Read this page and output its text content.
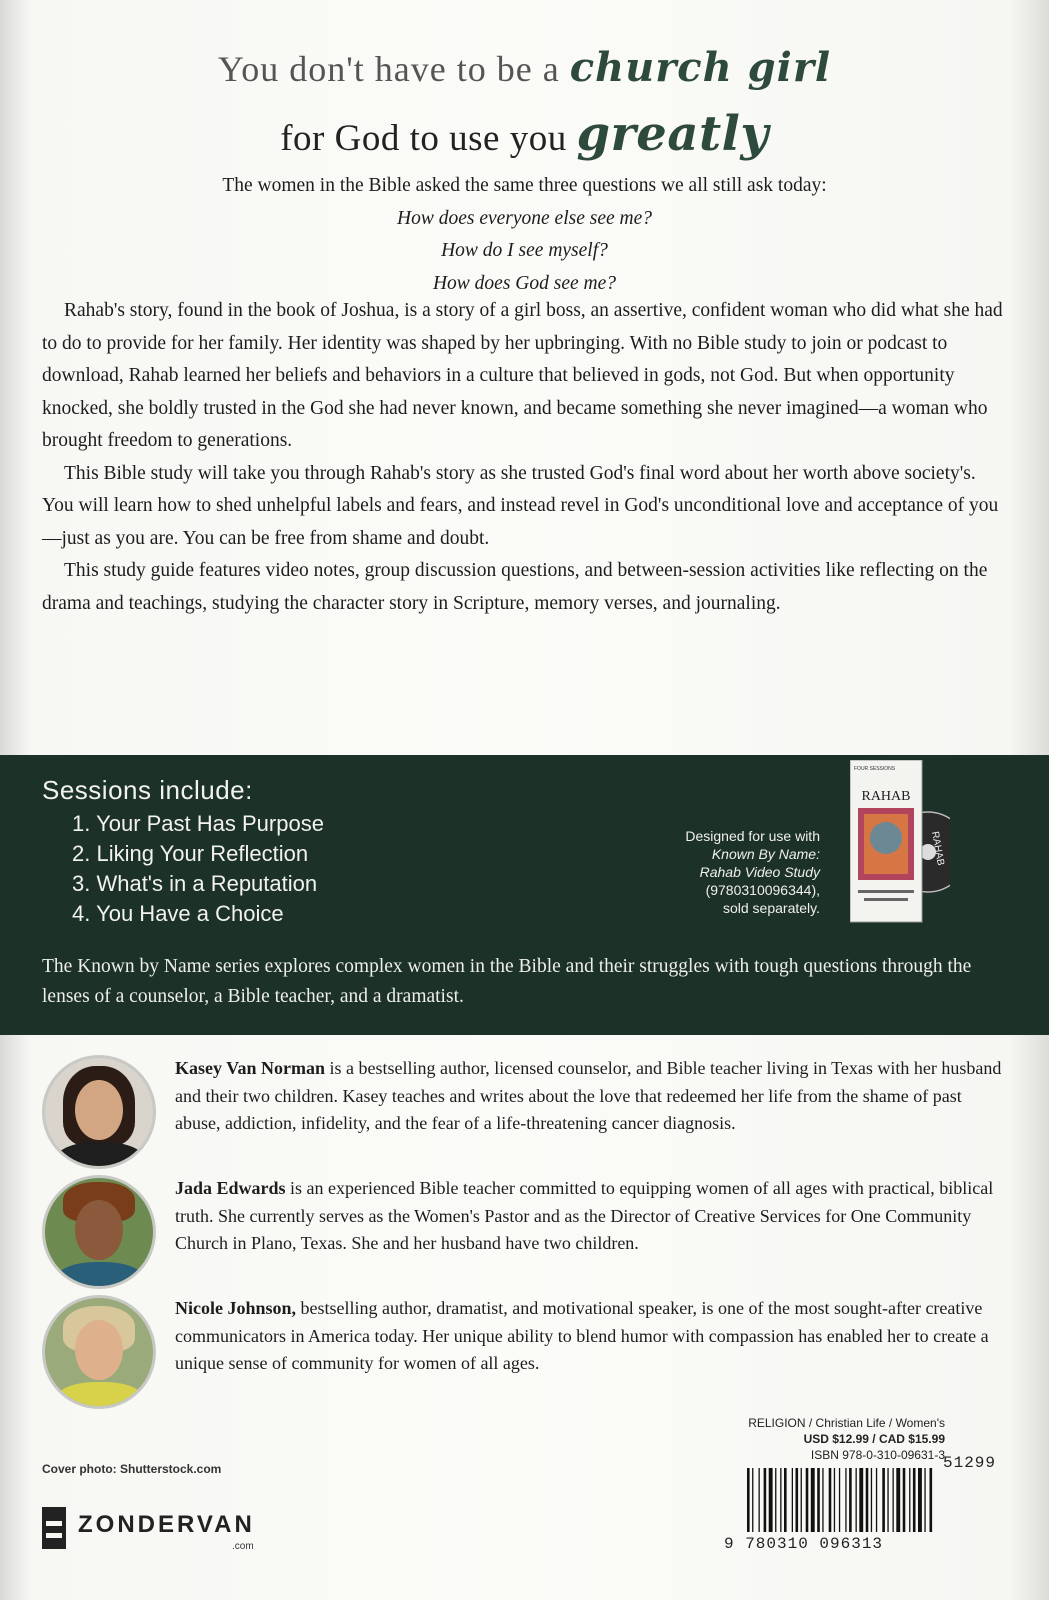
You don't have to be a church girl
for God to use you greatly

The women in the Bible asked the same three questions we all still ask today:

How does everyone else see me?

How do I see myself?

How does God see me?

Rahab's story, found in the book of Joshua, is a story of a girl boss, an assertive, confident woman who did what she had to do to provide for her family. Her identity was shaped by her upbringing. With no Bible study to join or podcast to download, Rahab learned her beliefs and behaviors in a culture that believed in gods, not God. But when opportunity knocked, she boldly trusted in the God she had never known, and became something she never imagined—a woman who brought freedom to generations.

This Bible study will take you through Rahab's story as she trusted God's final word about her worth above society's. You will learn how to shed unhelpful labels and fears, and instead revel in God's unconditional love and acceptance of you—just as you are. You can be free from shame and doubt.

This study guide features video notes, group discussion questions, and between-session activities like reflecting on the drama and teachings, studying the character story in Scripture, memory verses, and journaling.

Sessions include:
1. Your Past Has Purpose
2. Liking Your Reflection
3. What's in a Reputation
4. You Have a Choice
Designed for use with
Known By Name:
Rahab Video Study
(9780310096344),
sold separately.
RAHAB
FOUR SESSIONS
RAHAB
The Known by Name series explores complex women in the Bible and their struggles with tough questions through the lenses of a counselor, a Bible teacher, and a dramatist.
Kasey Van Norman is a bestselling author, licensed counselor, and Bible teacher living in Texas with her husband and their two children. Kasey teaches and writes about the love that redeemed her life from the shame of past abuse, addiction, infidelity, and the fear of a life-threatening cancer diagnosis.
Jada Edwards is an experienced Bible teacher committed to equipping women of all ages with practical, biblical truth. She currently serves as the Women's Pastor and as the Director of Creative Services for One Community Church in Plano, Texas. She and her husband have two children.
Nicole Johnson, bestselling author, dramatist, and motivational speaker, is one of the most sought-after creative communicators in America today. Her unique ability to blend humor with compassion has enabled her to create a unique sense of community for women of all ages.
Cover photo: Shutterstock.com
ZONDERVAN
.com
RELIGION / Christian Life / Women's
USD $12.99 / CAD $15.99
ISBN 978-0-310-09631-3
51299
9 780310 096313
